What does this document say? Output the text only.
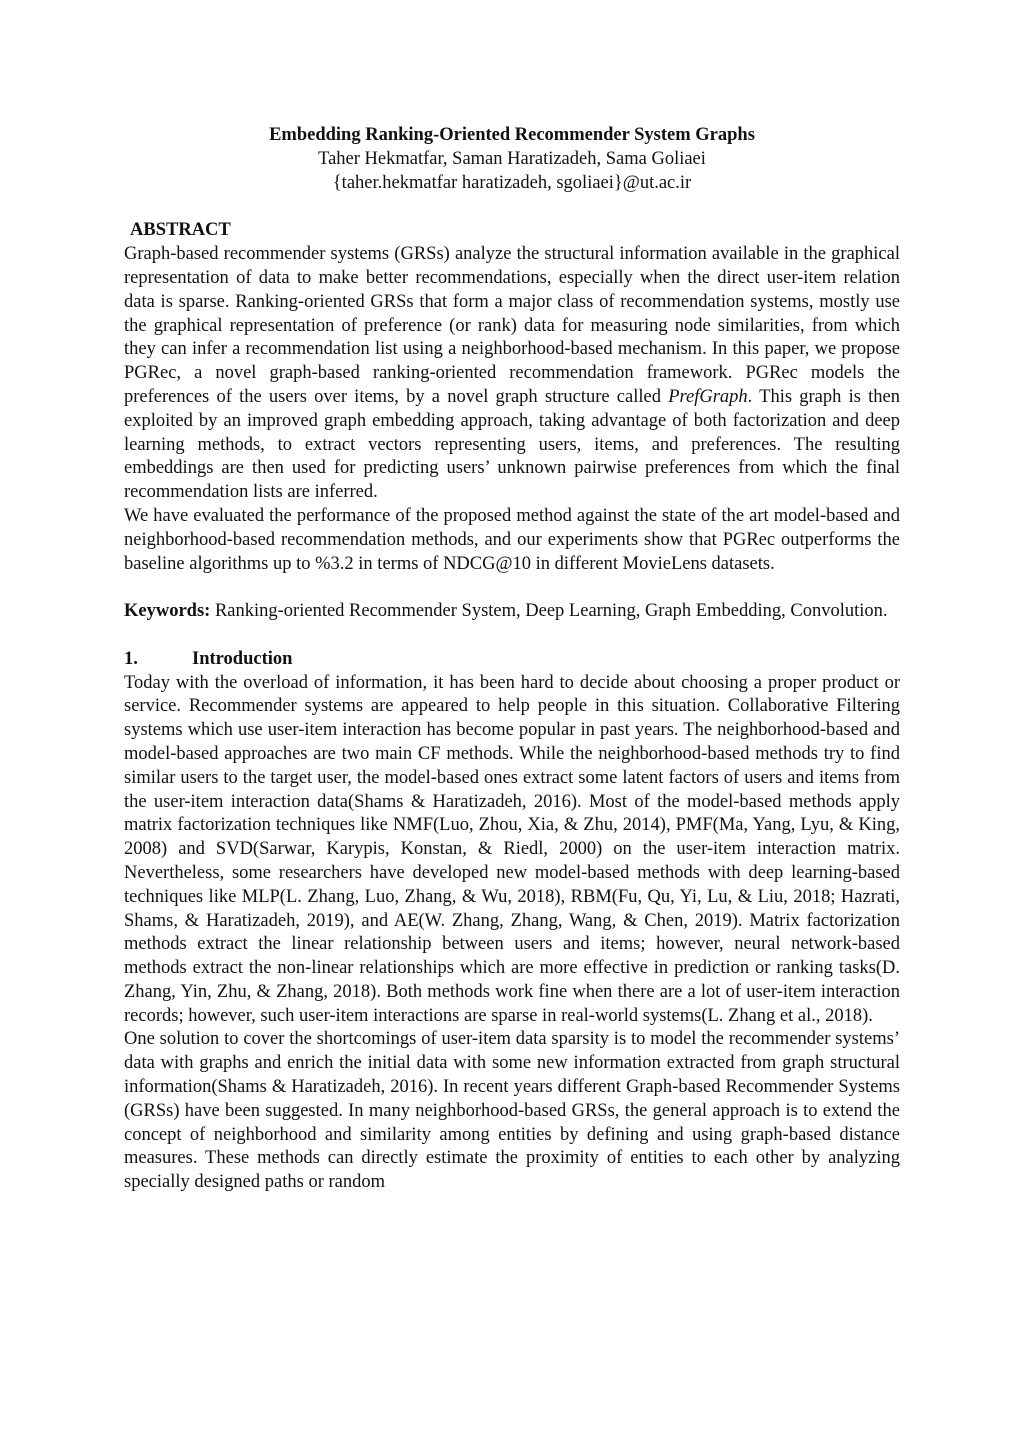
Embedding Ranking-Oriented Recommender System Graphs
Taher Hekmatfar, Saman Haratizadeh, Sama Goliaei
{taher.hekmatfar haratizadeh, sgoliaei}@ut.ac.ir
ABSTRACT

Graph-based recommender systems (GRSs) analyze the structural information available in the graphical representation of data to make better recommendations, especially when the direct user-item relation data is sparse. Ranking-oriented GRSs that form a major class of recommendation systems, mostly use the graphical representation of preference (or rank) data for measuring node similarities, from which they can infer a recommendation list using a neighborhood-based mechanism. In this paper, we propose PGRec, a novel graph-based ranking-oriented recommendation framework. PGRec models the preferences of the users over items, by a novel graph structure called PrefGraph. This graph is then exploited by an improved graph embedding approach, taking advantage of both factorization and deep learning methods, to extract vectors representing users, items, and preferences. The resulting embeddings are then used for predicting users’ unknown pairwise preferences from which the final recommendation lists are inferred.

We have evaluated the performance of the proposed method against the state of the art model-based and neighborhood-based recommendation methods, and our experiments show that PGRec outperforms the baseline algorithms up to %3.2 in terms of NDCG@10 in different MovieLens datasets.

Keywords: Ranking-oriented Recommender System, Deep Learning, Graph Embedding, Convolution.

1.	Introduction

Today with the overload of information, it has been hard to decide about choosing a proper product or service. Recommender systems are appeared to help people in this situation. Collaborative Filtering systems which use user-item interaction has become popular in past years. The neighborhood-based and model-based approaches are two main CF methods. While the neighborhood-based methods try to find similar users to the target user, the model-based ones extract some latent factors of users and items from the user-item interaction data(Shams & Haratizadeh, 2016). Most of the model-based methods apply matrix factorization techniques like NMF(Luo, Zhou, Xia, & Zhu, 2014), PMF(Ma, Yang, Lyu, & King, 2008) and SVD(Sarwar, Karypis, Konstan, & Riedl, 2000) on the user-item interaction matrix. Nevertheless, some researchers have developed new model-based methods with deep learning-based techniques like MLP(L. Zhang, Luo, Zhang, & Wu, 2018), RBM(Fu, Qu, Yi, Lu, & Liu, 2018; Hazrati, Shams, & Haratizadeh, 2019), and AE(W. Zhang, Zhang, Wang, & Chen, 2019). Matrix factorization methods extract the linear relationship between users and items; however, neural network-based methods extract the non-linear relationships which are more effective in prediction or ranking tasks(D. Zhang, Yin, Zhu, & Zhang, 2018). Both methods work fine when there are a lot of user-item interaction records; however, such user-item interactions are sparse in real-world systems(L. Zhang et al., 2018).

One solution to cover the shortcomings of user-item data sparsity is to model the recommender systems’ data with graphs and enrich the initial data with some new information extracted from graph structural information(Shams & Haratizadeh, 2016). In recent years different Graph-based Recommender Systems (GRSs) have been suggested. In many neighborhood-based GRSs, the general approach is to extend the concept of neighborhood and similarity among entities by defining and using graph-based distance measures. These methods can directly estimate the proximity of entities to each other by analyzing specially designed paths or random
